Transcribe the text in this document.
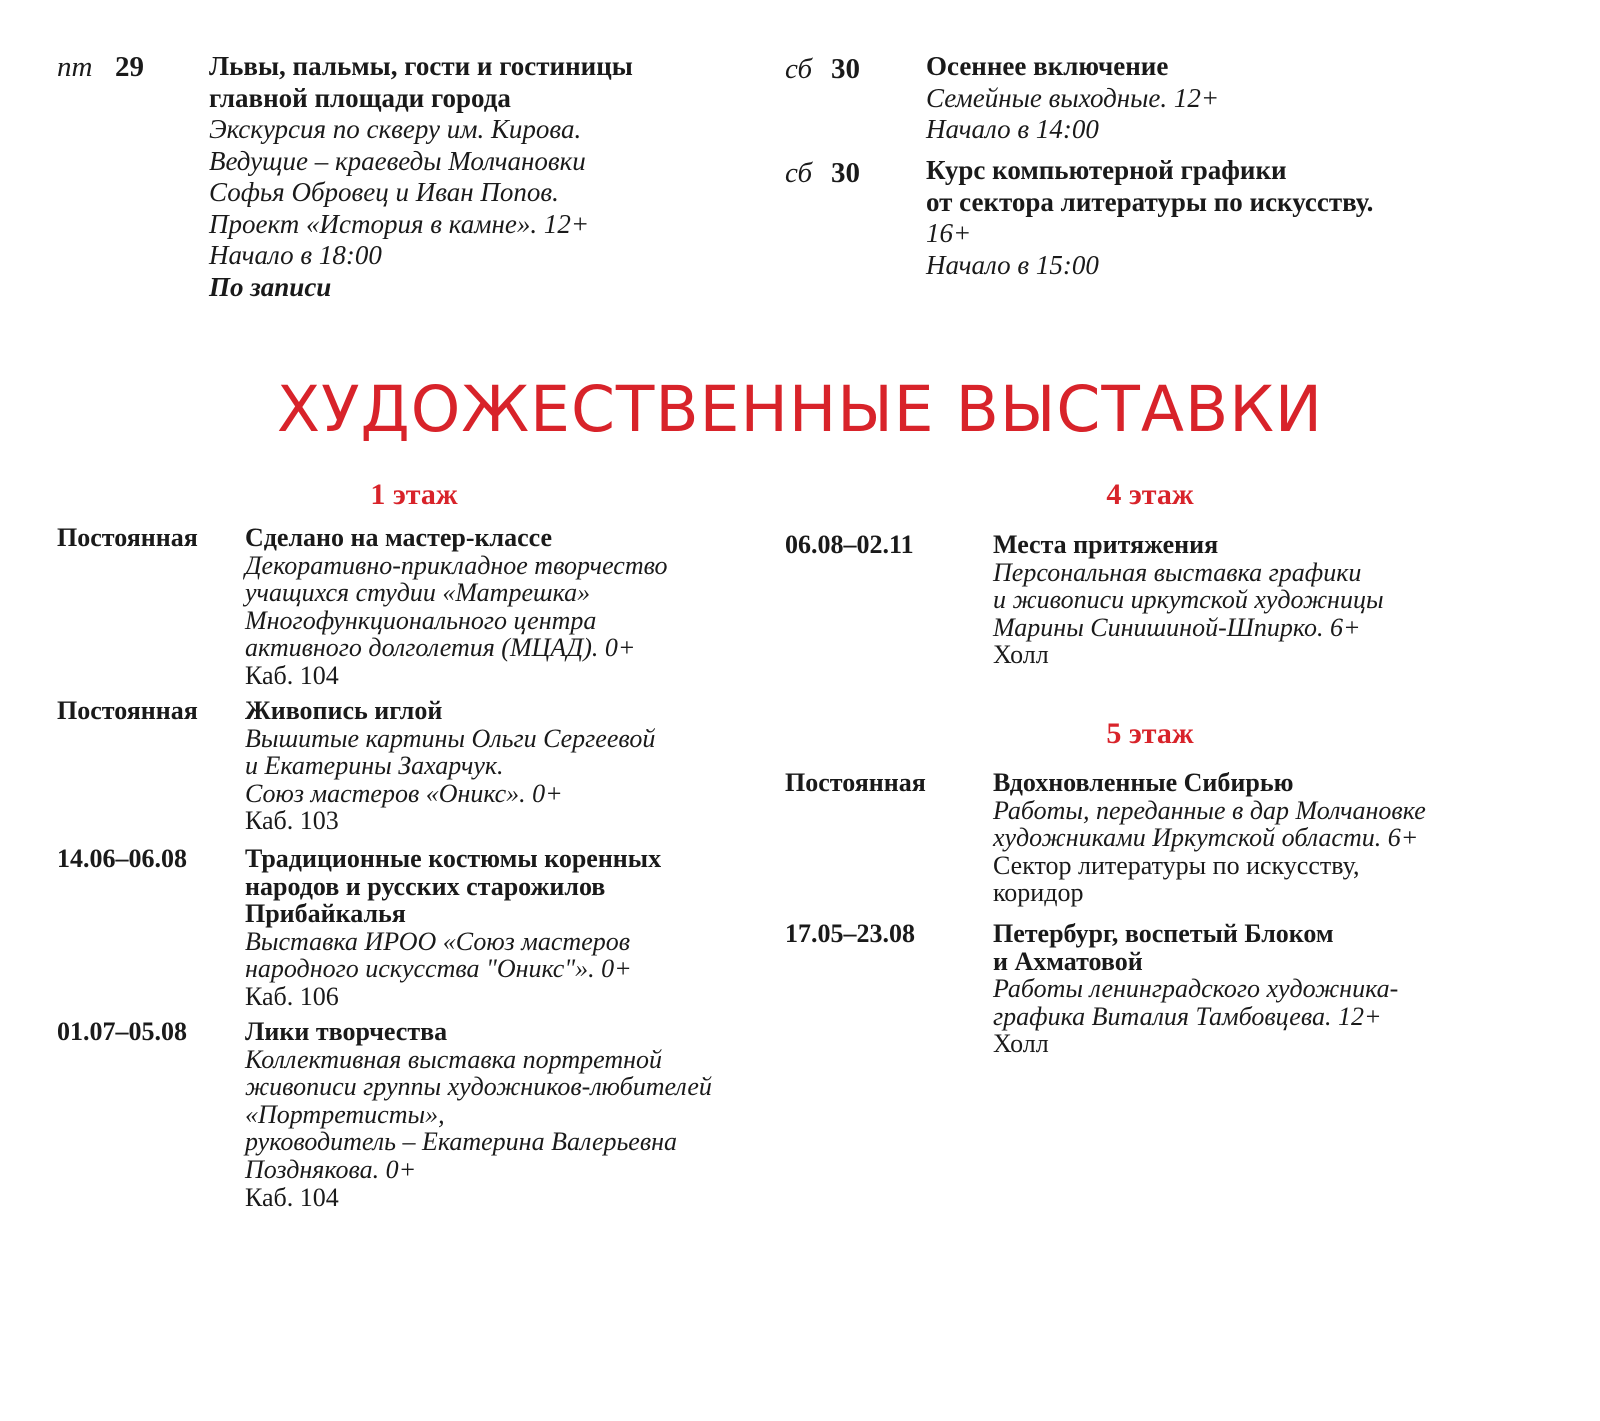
пт 29 Львы, пальмы, гости и гостиницы
главной площади города
Экскурсия по скверу им. Кирова.
Ведущие – краеведы Молчановки
Софья Обровец и Иван Попов.
Проект «История в камне». 12+
Начало в 18:00
По записи
сб 30 Осеннее включение
Семейные выходные. 12+
Начало в 14:00
сб 30 Курс компьютерной графики
от сектора литературы по искусству.
16+
Начало в 15:00
ХУДОЖЕСТВЕННЫЕ ВЫСТАВКИ
1 этаж	4 этаж
5 этаж
Постоянная Сделано на мастер-классе
Декоративно-прикладное творчество
учащихся студии «Матрешка»
Многофункционального центра
активного долголетия (МЦАД). 0+
Каб. 104
Постоянная Живопись иглой
Вышитые картины Ольги Сергеевой
и Екатерины Захарчук.
Союз мастеров «Оникс». 0+
Каб. 103
14.06–06.08 Традиционные костюмы коренных
народов и русских старожилов
Прибайкалья
Выставка ИРОО «Союз мастеров
народного искусства "Оникс"». 0+
Каб. 106
01.07–05.08 Лики творчества
Коллективная выставка портретной
живописи группы художников-любителей
«Портретисты»,
руководитель – Екатерина Валерьевна
Позднякова. 0+
Каб. 104
06.08–02.11	Места притяжения
Персональная выставка графики
и живописи иркутской художницы
Марины Синишиной-Шпирко. 6+
Холл
Постоянная	Вдохновленные Сибирью
Работы, переданные в дар Молчановке
художниками Иркутской области. 6+
Сектор литературы по искусству,
коридор
17.05–23.08	Петербург, воспетый Блоком
и Ахматовой
Работы ленинградского художника-
графика Виталия Тамбовцева. 12+
Холл
